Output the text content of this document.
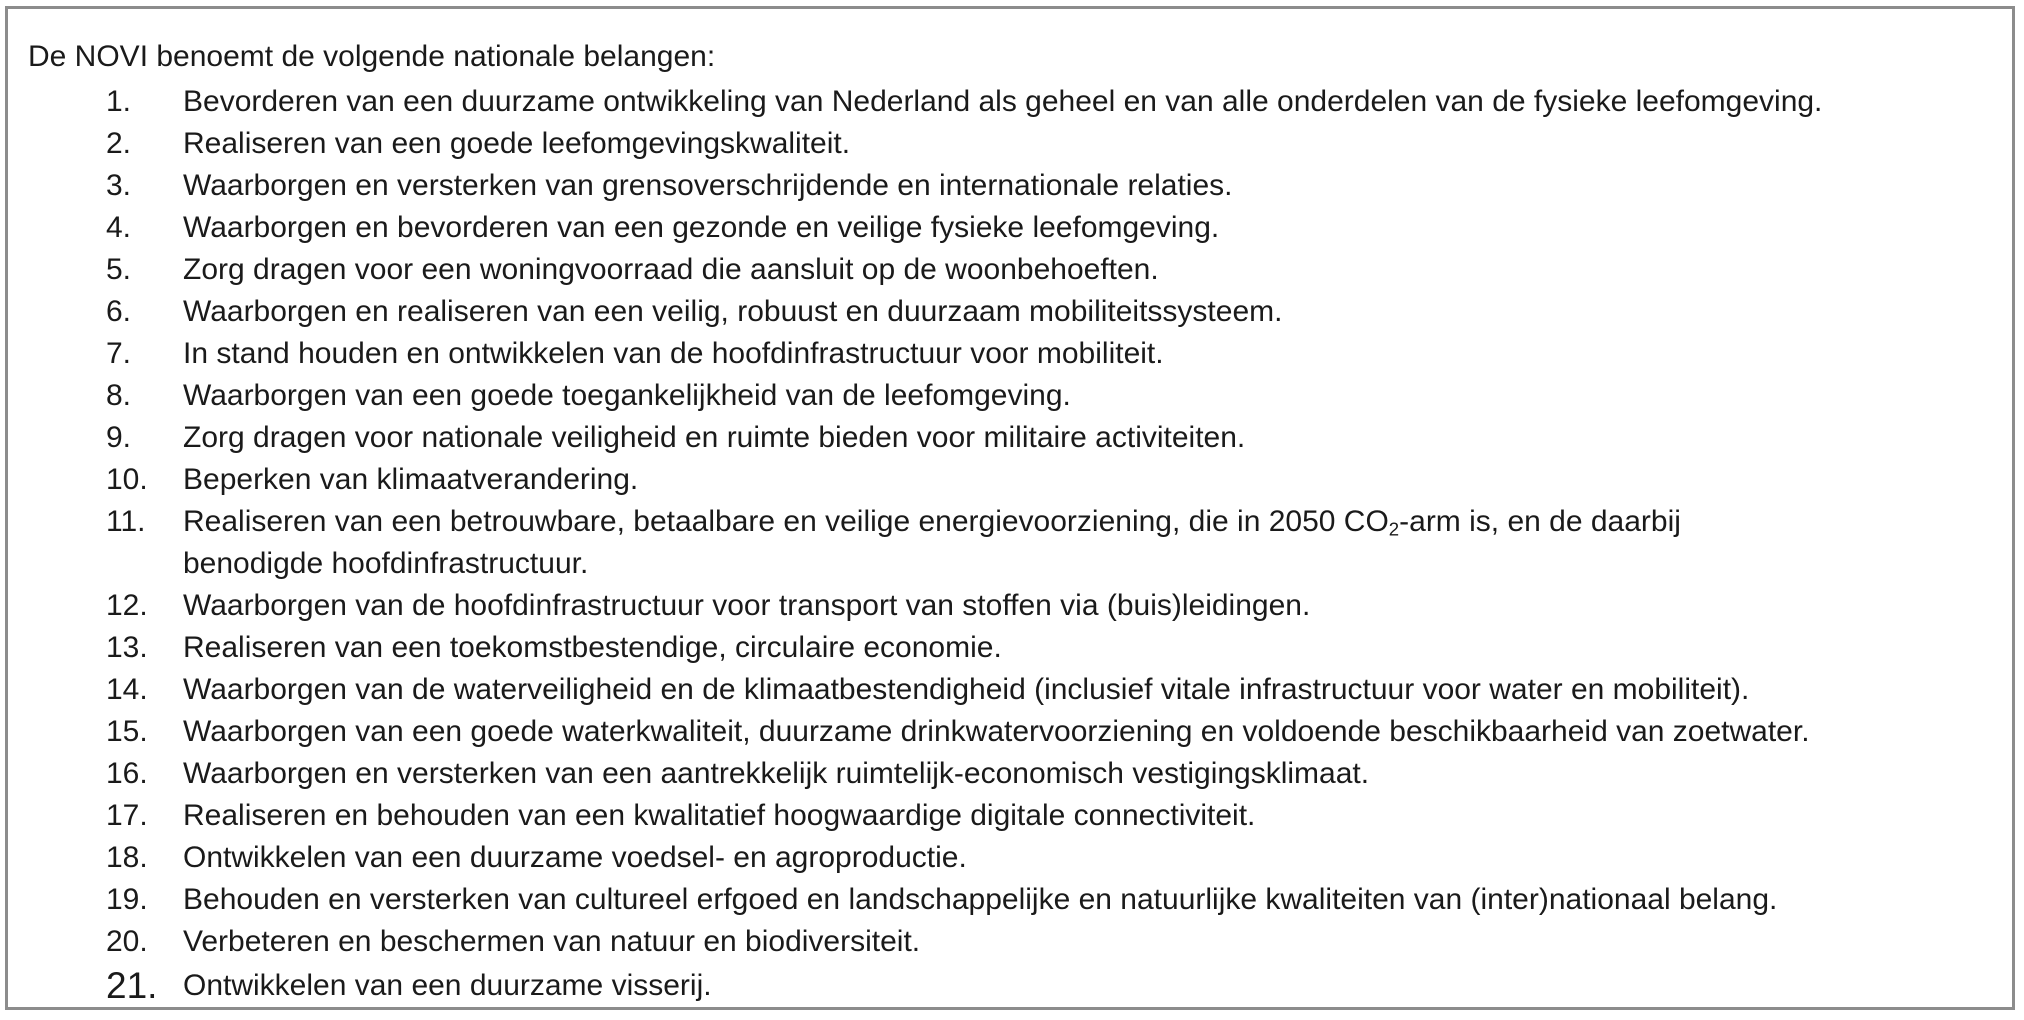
De NOVI benoemt de volgende nationale belangen:
1. Bevorderen van een duurzame ontwikkeling van Nederland als geheel en van alle onderdelen van de fysieke leefomgeving.
2. Realiseren van een goede leefomgevingskwaliteit.
3. Waarborgen en versterken van grensoverschrijdende en internationale relaties.
4. Waarborgen en bevorderen van een gezonde en veilige fysieke leefomgeving.
5. Zorg dragen voor een woningvoorraad die aansluit op de woonbehoeften.
6. Waarborgen en realiseren van een veilig, robuust en duurzaam mobiliteitssysteem.
7. In stand houden en ontwikkelen van de hoofdinfrastructuur voor mobiliteit.
8. Waarborgen van een goede toegankelijkheid van de leefomgeving.
9. Zorg dragen voor nationale veiligheid en ruimte bieden voor militaire activiteiten.
10. Beperken van klimaatverandering.
11. Realiseren van een betrouwbare, betaalbare en veilige energievoorziening, die in 2050 $CO_2$-arm is, en de daarbij
benodigde hoofdinfrastructuur.
12. Waarborgen van de hoofdinfrastructuur voor transport van stoffen via (buis)leidingen.
13. Realiseren van een toekomstbestendige, circulaire economie.
14. Waarborgen van de waterveiligheid en de klimaatbestendigheid (inclusief vitale infrastructuur voor water en mobiliteit).
15. Waarborgen van een goede waterkwaliteit, duurzame drinkwatervoorziening en voldoende beschikbaarheid van zoetwater.
16. Waarborgen en versterken van een aantrekkelijk ruimtelijk-economisch vestigingsklimaat.
17. Realiseren en behouden van een kwalitatief hoogwaardige digitale connectiviteit.
18. Ontwikkelen van een duurzame voedsel- en agroproductie.
19. Behouden en versterken van cultureel erfgoed en landschappelijke en natuurlijke kwaliteiten van (inter)nationaal belang.
20. Verbeteren en beschermen van natuur en biodiversiteit.
21. Ontwikkelen van een duurzame visserij.
